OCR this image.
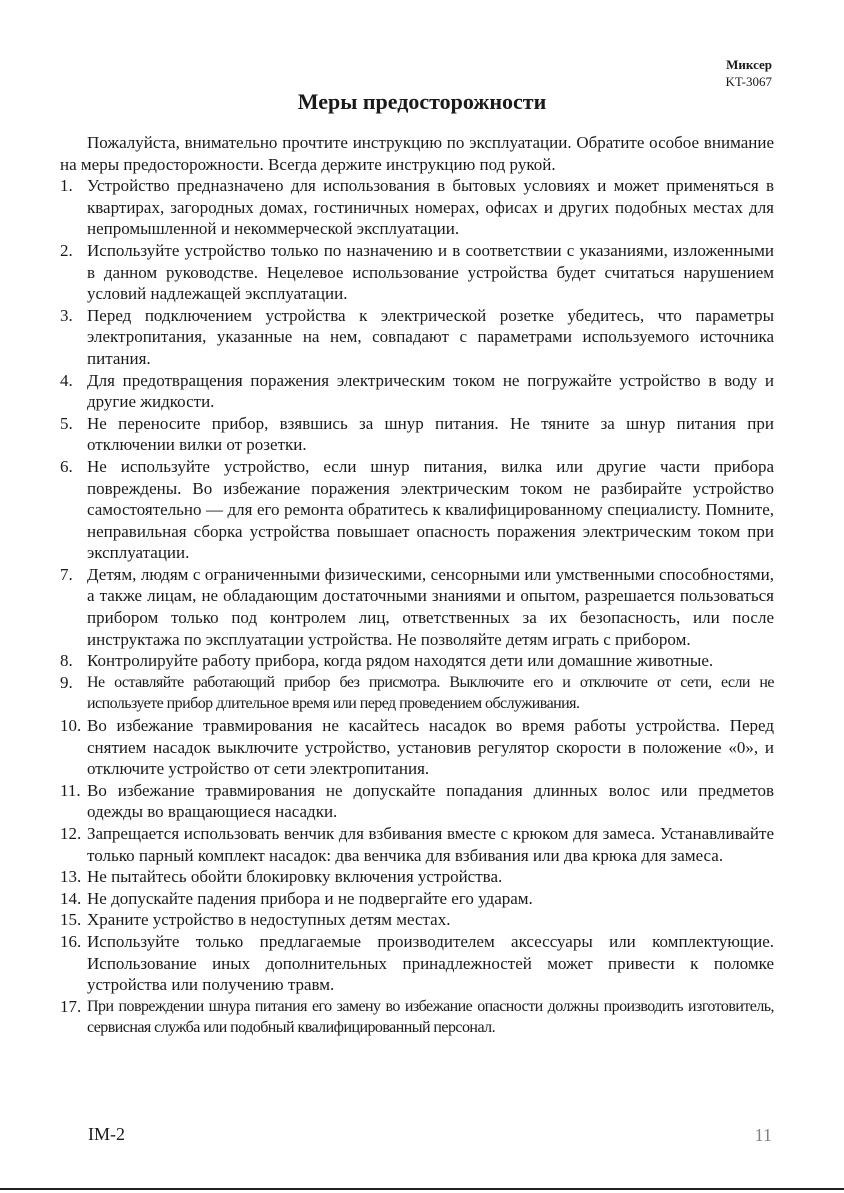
Миксер
KT-3067
Меры предосторожности

Пожалуйста, внимательно прочтите инструкцию по эксплуатации. Обратите особое внимание на меры предосторожности. Всегда держите инструкцию под рукой.

1. Устройство предназначено для использования в бытовых условиях и может применяться в квартирах, загородных домах, гостиничных номерах, офисах и других подобных местах для непромышленной и некоммерческой эксплуатации.
2. Используйте устройство только по назначению и в соответствии с указаниями, изложенными в данном руководстве. Нецелевое использование устройства будет считаться нарушением условий надлежащей эксплуатации.
3. Перед подключением устройства к электрической розетке убедитесь, что параметры электропитания, указанные на нем, совпадают с параметрами используемого источника питания.
4. Для предотвращения поражения электрическим током не погружайте устройство в воду и другие жидкости.
5. Не переносите прибор, взявшись за шнур питания. Не тяните за шнур питания при отключении вилки от розетки.
6. Не используйте устройство, если шнур питания, вилка или другие части прибора повреждены. Во избежание поражения электрическим током не разбирайте устройство самостоятельно — для его ремонта обратитесь к квалифицированному специалисту. Помните, неправильная сборка устройства повышает опасность поражения электрическим током при эксплуатации.
7. Детям, людям с ограниченными физическими, сенсорными или умственными способностями, а также лицам, не обладающим достаточными знаниями и опытом, разрешается пользоваться прибором только под контролем лиц, ответственных за их безопасность, или после инструктажа по эксплуатации устройства. Не позволяйте детям играть с прибором.
8. Контролируйте работу прибора, когда рядом находятся дети или домашние животные.
9. Не оставляйте работающий прибор без присмотра. Выключите его и отключите от сети, если не используете прибор длительное время или перед проведением обслуживания.
10. Во избежание травмирования не касайтесь насадок во время работы устройства. Перед снятием насадок выключите устройство, установив регулятор скорости в положение «0», и отключите устройство от сети электропитания.
11. Во избежание травмирования не допускайте попадания длинных волос или предметов одежды во вращающиеся насадки.
12. Запрещается использовать венчик для взбивания вместе с крюком для замеса. Устанавливайте только парный комплект насадок: два венчика для взбивания или два крюка для замеса.
13. Не пытайтесь обойти блокировку включения устройства.
14. Не допускайте падения прибора и не подвергайте его ударам.
15. Храните устройство в недоступных детям местах.
16. Используйте только предлагаемые производителем аксессуары или комплектующие. Использование иных дополнительных принадлежностей может привести к поломке устройства или получению травм.
17. При повреждении шнура питания его замену во избежание опасности должны производить изготовитель, сервисная служба или подобный квалифицированный персонал.
IM-2	11
